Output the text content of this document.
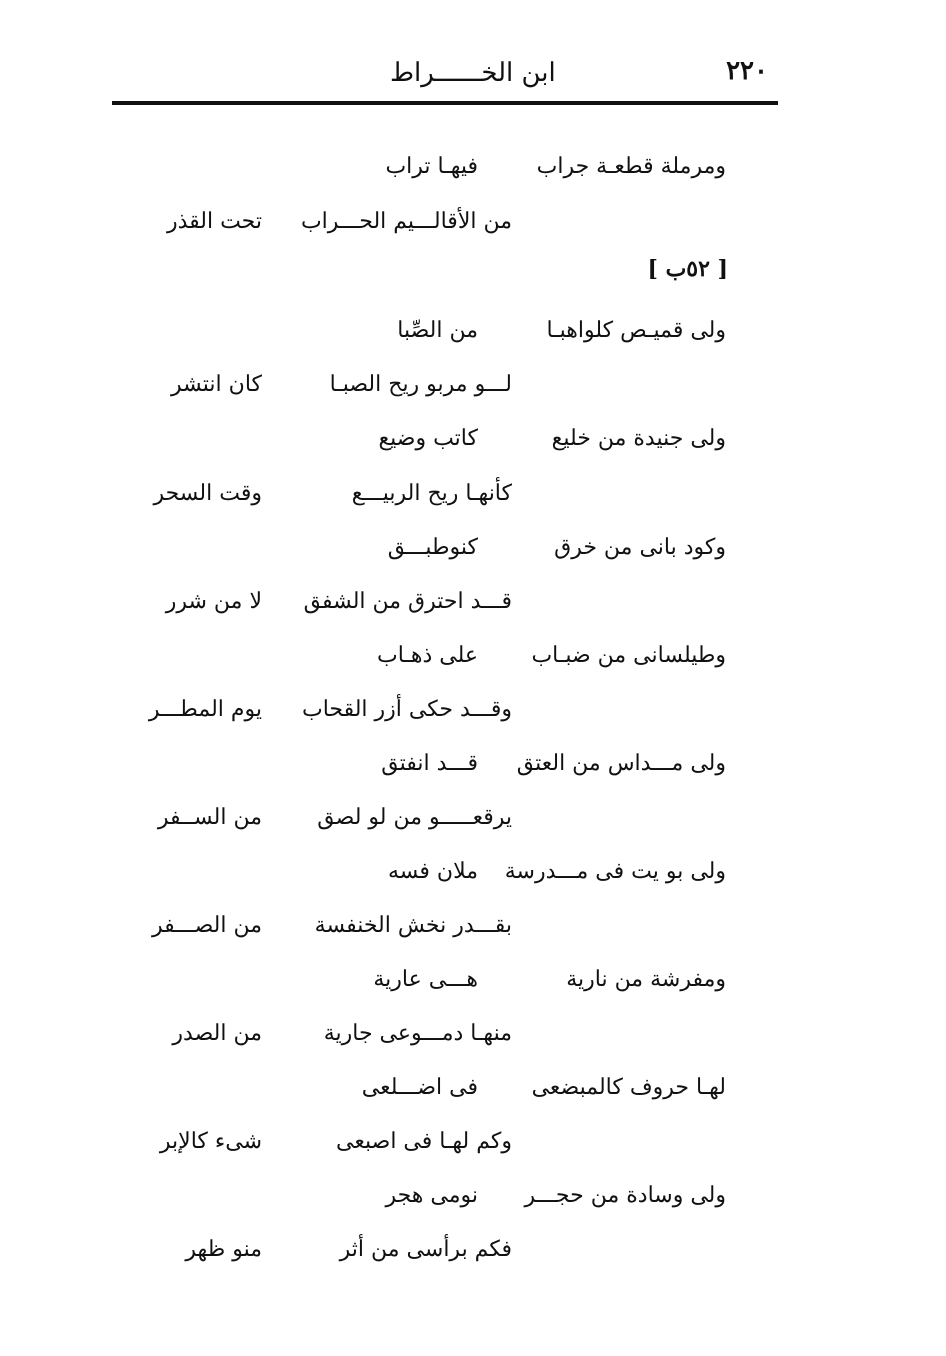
ابن الخــــــراط	٢٢٠
ومرملة قطعـة جراب
فيهـا تراب
من الأقالـــيم الحـــراب
تحت القذر
ولى قميـص كلواهبـا
من الصِّبا
لـــو مربو ريح الصبـا
كان انتشر
ولى جنيدة من خليع
كاتب وضيع
كأنهـا ريح الربيـــع
وقت السحر
وكود بانى من خرق
كنوطبـــق
قـــد احترق من الشفق
لا من شرر
وطيلسانى من ضبـاب
على ذهـاب
وقـــد حكى أزر القحاب
يوم المطـــر
ولى مـــداس من العتق
قـــد انفتق
يرقعـــــو من لو لصق
من الســفر
ولى بو يت فى مـــدرسة
ملان فسه
بقـــدر نخش الخنفسة
من الصـــفر
ومفرشة من نارية
هـــى عارية
منهـا دمـــوعى جارية
من الصدر
لهـا حروف كالمبضعى
فى اضـــلعى
وكم لهـا فى اصبعى
شىء كالإبر
ولى وسادة من حجـــر
نومى هجر
فكم برأسى من أثر
منو ظهر
[ ٥٢ب ]
